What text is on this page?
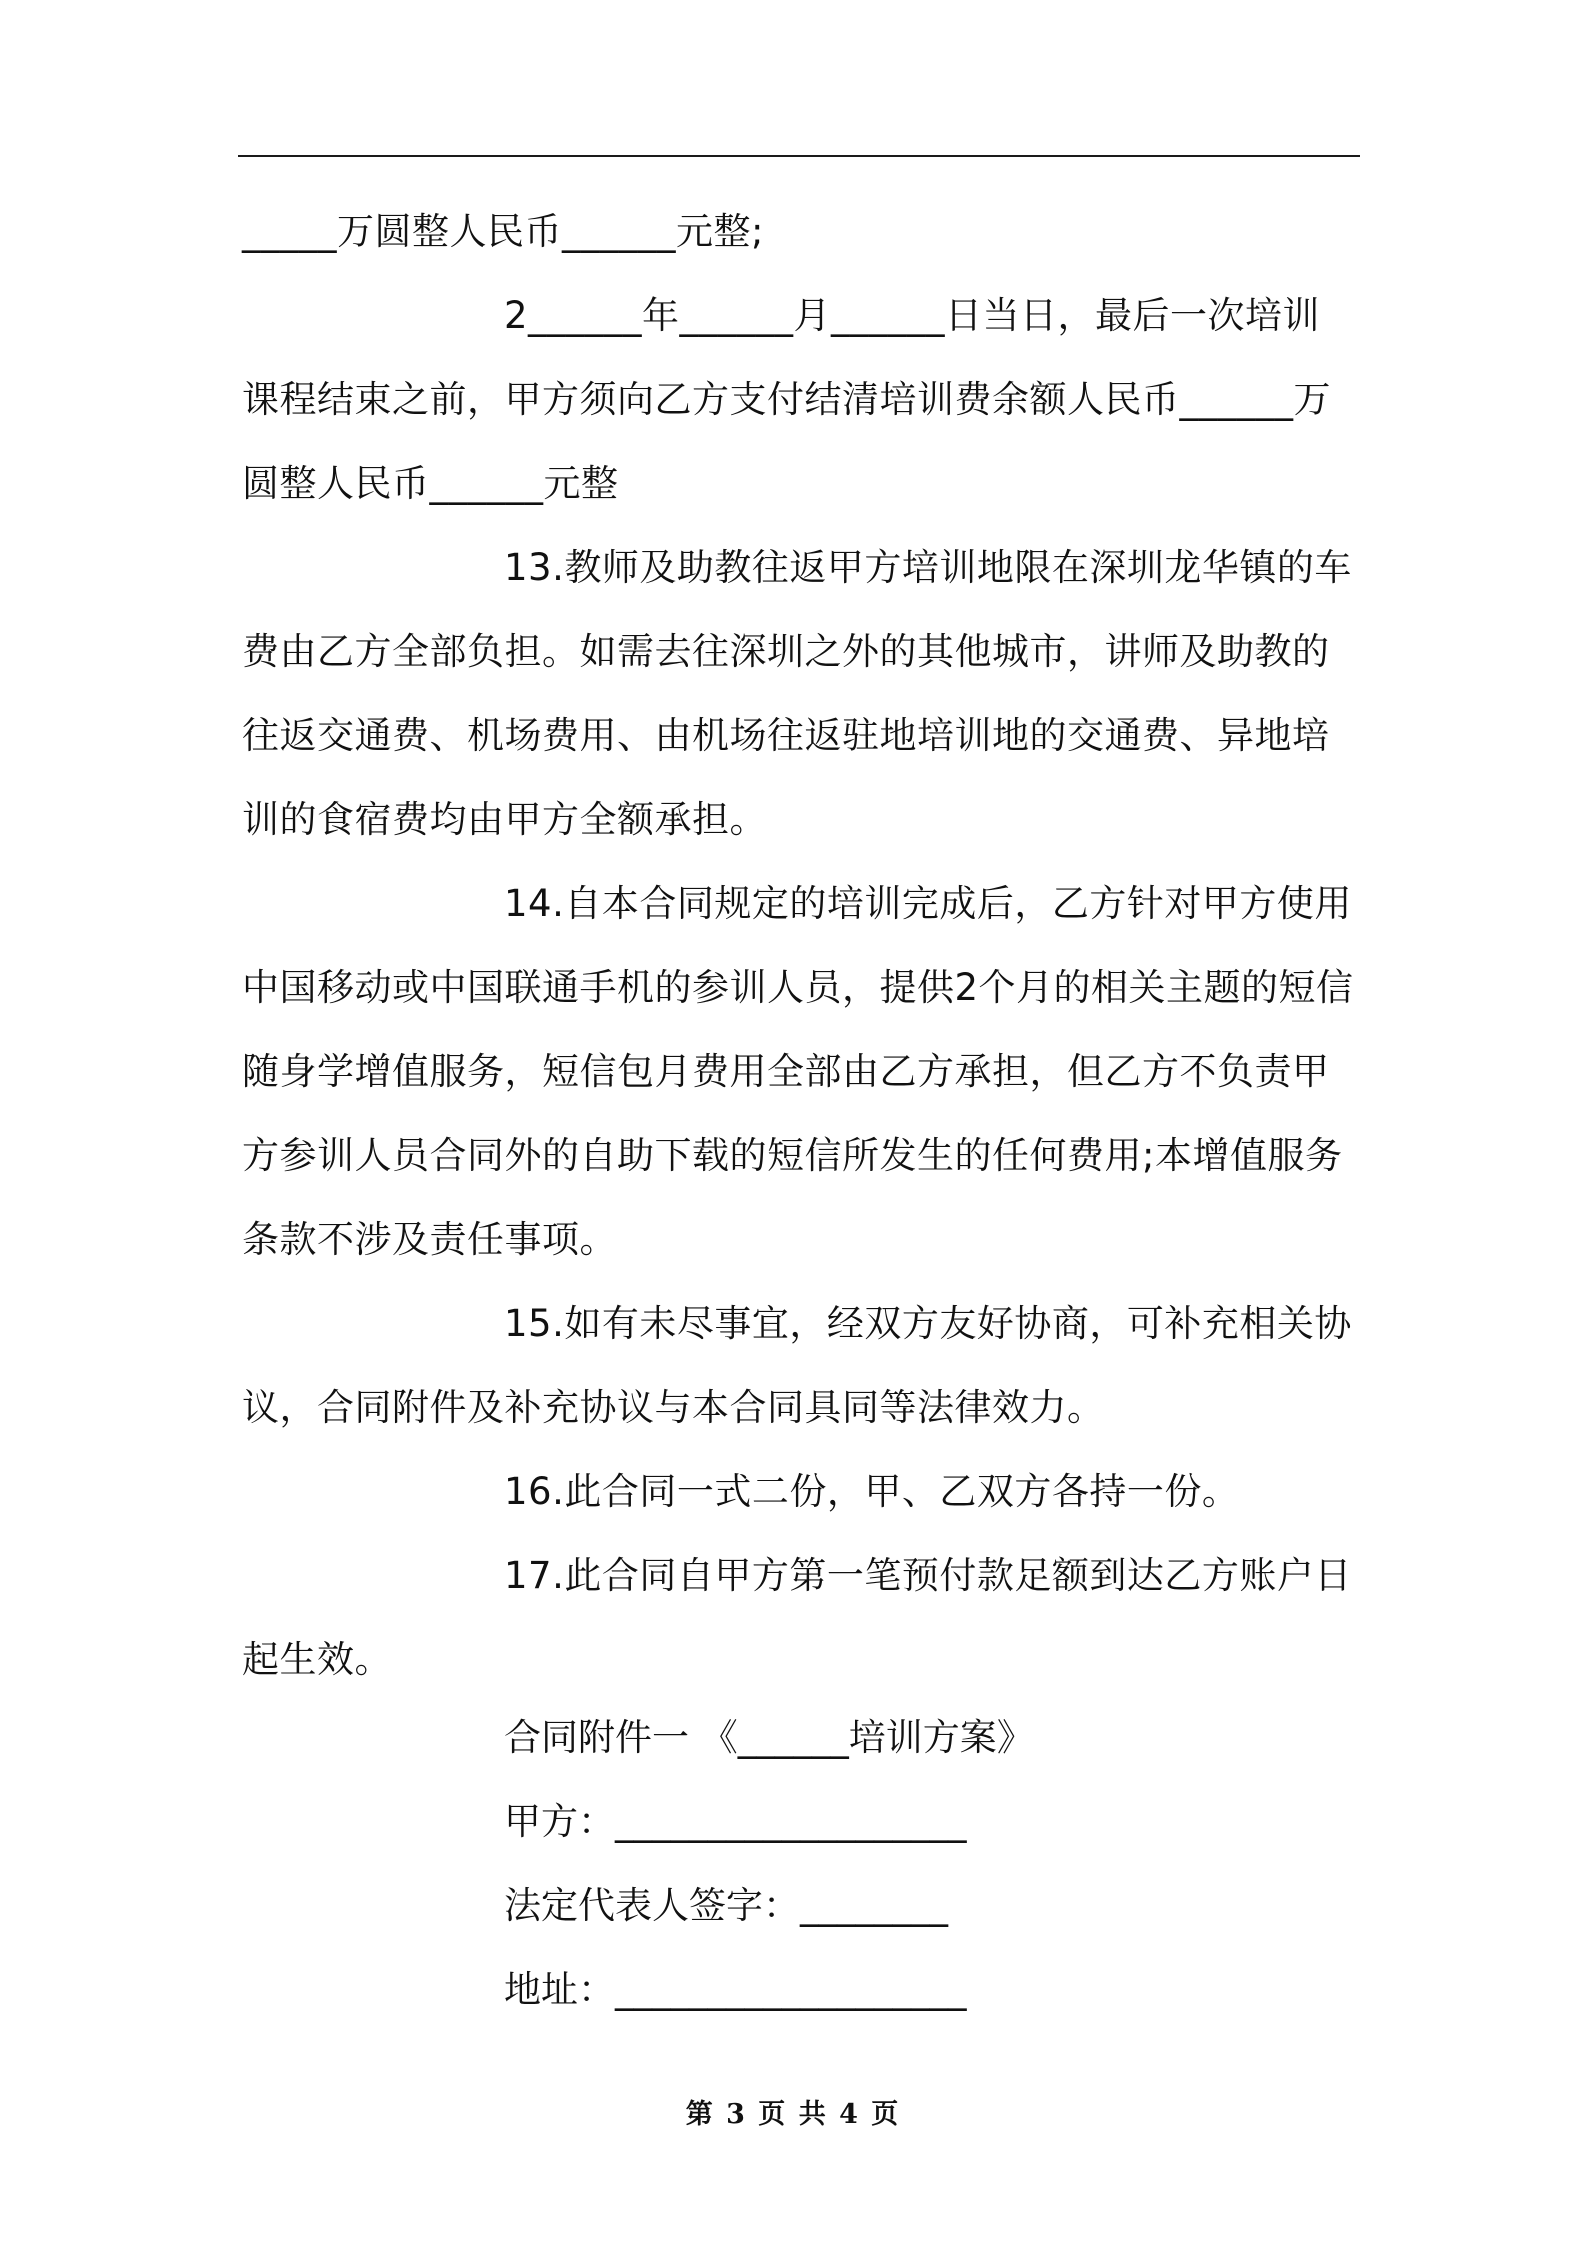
_____万圆整人民币______元整;

2______年______月______日当日，最后一次培训课程结束之前，甲方须向乙方支付结清培训费余额人民币______万圆整人民币______元整

13.教师及助教往返甲方培训地限在深圳龙华镇的车费由乙方全部负担。如需去往深圳之外的其他城市，讲师及助教的往返交通费、机场费用、由机场往返驻地培训地的交通费、异地培训的食宿费均由甲方全额承担。

14.自本合同规定的培训完成后，乙方针对甲方使用中国移动或中国联通手机的参训人员，提供2个月的相关主题的短信随身学增值服务，短信包月费用全部由乙方承担，但乙方不负责甲方参训人员合同外的自助下载的短信所发生的任何费用;本增值服务条款不涉及责任事项。

15.如有未尽事宜，经双方友好协商，可补充相关协议，合同附件及补充协议与本合同具同等法律效力。

16.此合同一式二份，甲、乙双方各持一份。

17.此合同自甲方第一笔预付款足额到达乙方账户日起生效。

合同附件一 《______培训方案》

甲方：___________________

法定代表人签字：________

地址：___________________

第 3 页 共 4 页
